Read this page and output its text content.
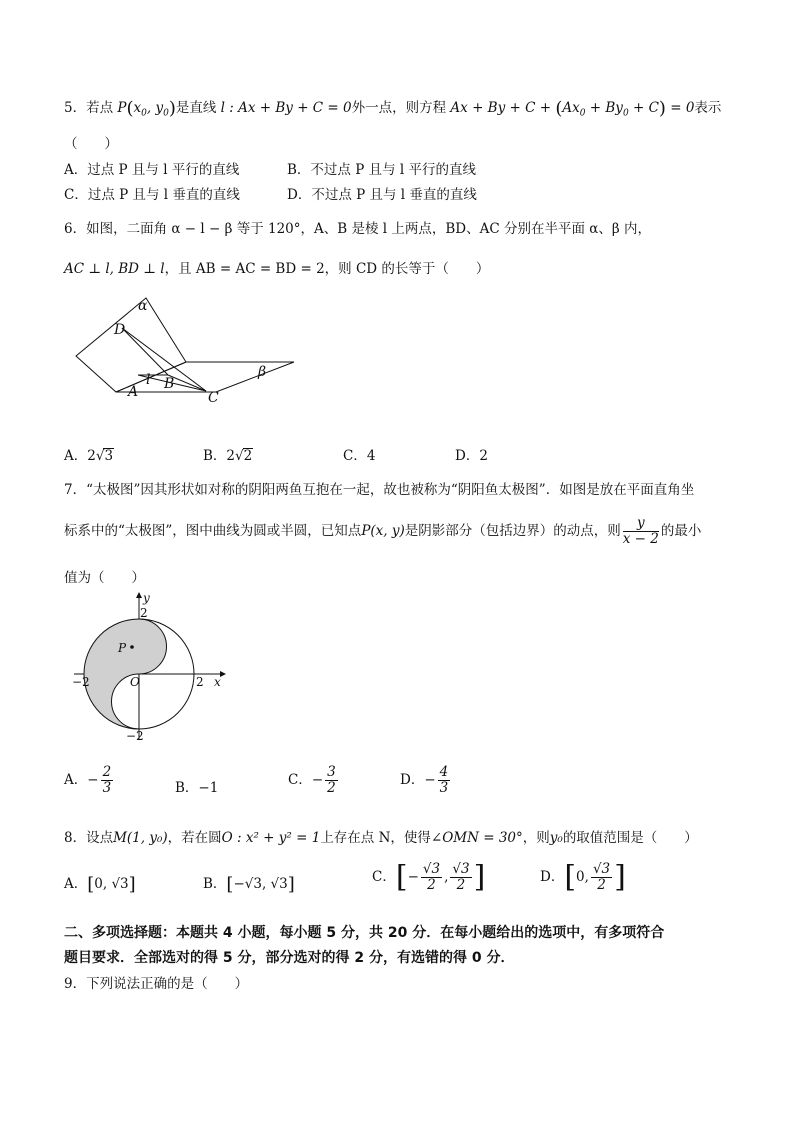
5．若点 $P(x_0$, $y_0$)是直线 l : Ax + By + C = 0外一点，则方程 $Ax + By + C + (Ax_0 + By_0 + C) = 0$表示
（　　）
A．过点 P 且与 l 平行的直线	B．不过点 P 且与 l 平行的直线
C．过点 P 且与 l 垂直的直线	D．不过点 P 且与 l 垂直的直线
6．如图，二面角 α − l − β 等于 120°，A、B 是棱 l 上两点，BD、AC 分别在半平面 α、β 内，
AC ⊥ l, BD ⊥ l，且 AB = AC = BD = 2，则 CD 的长等于（　　）
α
β
D
l B
A	C
A．2√3	B．2√2	C．4	D．2
7．“太极图”因其形状如对称的阴阳两鱼互抱在一起，故也被称为“阴阳鱼太极图”．如图是放在平面直角坐
标系中的“太极图”，图中曲线为圆或半圆，已知点P(x, y)是阴影部分（包括边界）的动点，则 $\frac{y}{x - 2}$ 的最小
值为（　　）
y
x
P
O
2
−2
2
−2
A．− $\frac{2}{3}$	B．−1	C．− $\frac{3}{2}$	D．− $\frac{4}{3}$
8．设点M(1, y₀)，若在圆O : x² + y² = 1上存在点 N，使得∠OMN = 30°，则y₀的取值范围是（　　）
A．[0, √3]	B．[−√3, √3]	C．[− $\frac{√3}{2}$ , $\frac{√3}{2}$ ]	D．[0, $\frac{√3}{2}$ ]
二、多项选择题：本题共 4 小题，每小题 5 分，共 20 分．在每小题给出的选项中，有多项符合
题目要求．全部选对的得 5 分，部分选对的得 2 分，有选错的得 0 分．
9．下列说法正确的是（　　）
